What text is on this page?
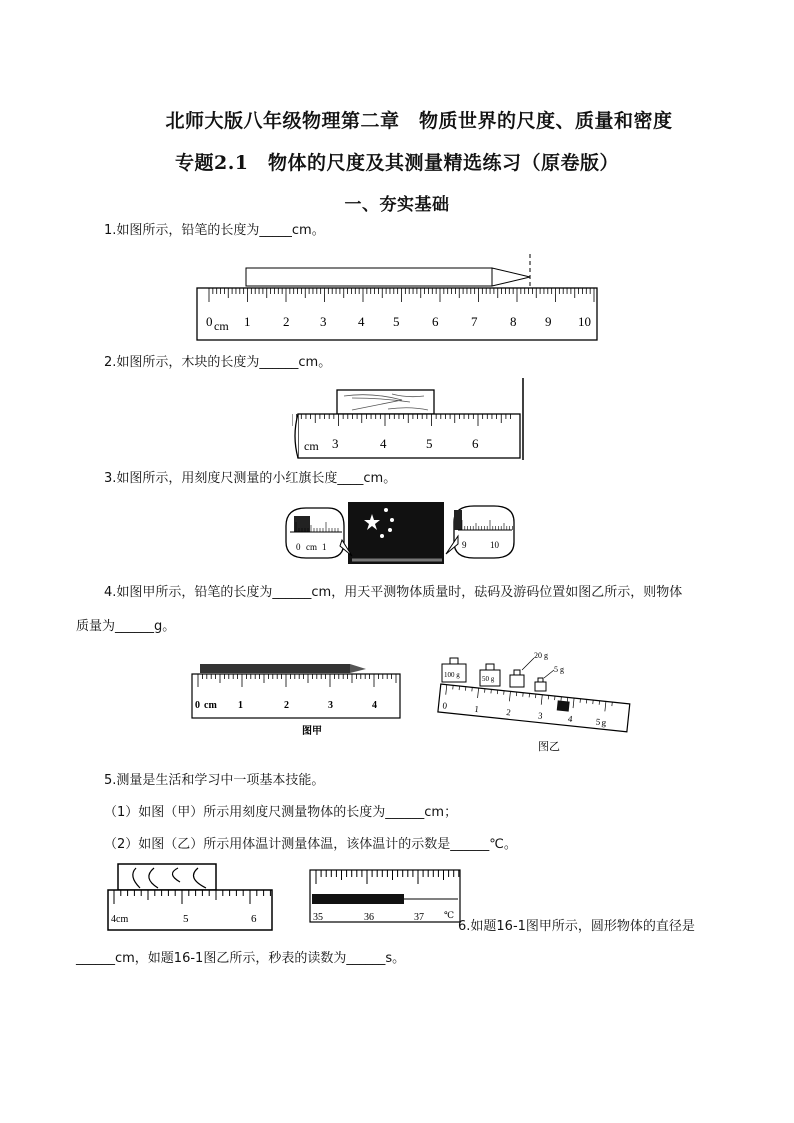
北师大版八年级物理第二章　物质世界的尺度、质量和密度
专题2.1　物体的尺度及其测量精选练习（原卷版）
一、夯实基础
1.如图所示，铅笔的长度为_____cm。
0 cm 1	2 3 4 5	6	7	8 9 10
2.如图所示，木块的长度为______cm。
cm 3	4	5	6
3.如图所示，用刻度尺测量的小红旗长度____cm。
0 cm 1	9	10
4.如图甲所示，铅笔的长度为______cm，用天平测物体质量时，砝码及游码位置如图乙所示，则物体
质量为______g。
0 cm 1	2	3	4
图甲
100 g	50 g
20 g
5 g
0	1	2	3	4 5 g
图乙
5.测量是生活和学习中一项基本技能。
（1）如图（甲）所示用刻度尺测量物体的长度为______cm；
（2）如图（乙）所示用体温计测量体温，该体温计的示数是______℃。
4cm	5	6	35	36	37 ℃
6.如题16-1图甲所示，圆形物体的直径是
______cm，如题16-1图乙所示，秒表的读数为______s。
